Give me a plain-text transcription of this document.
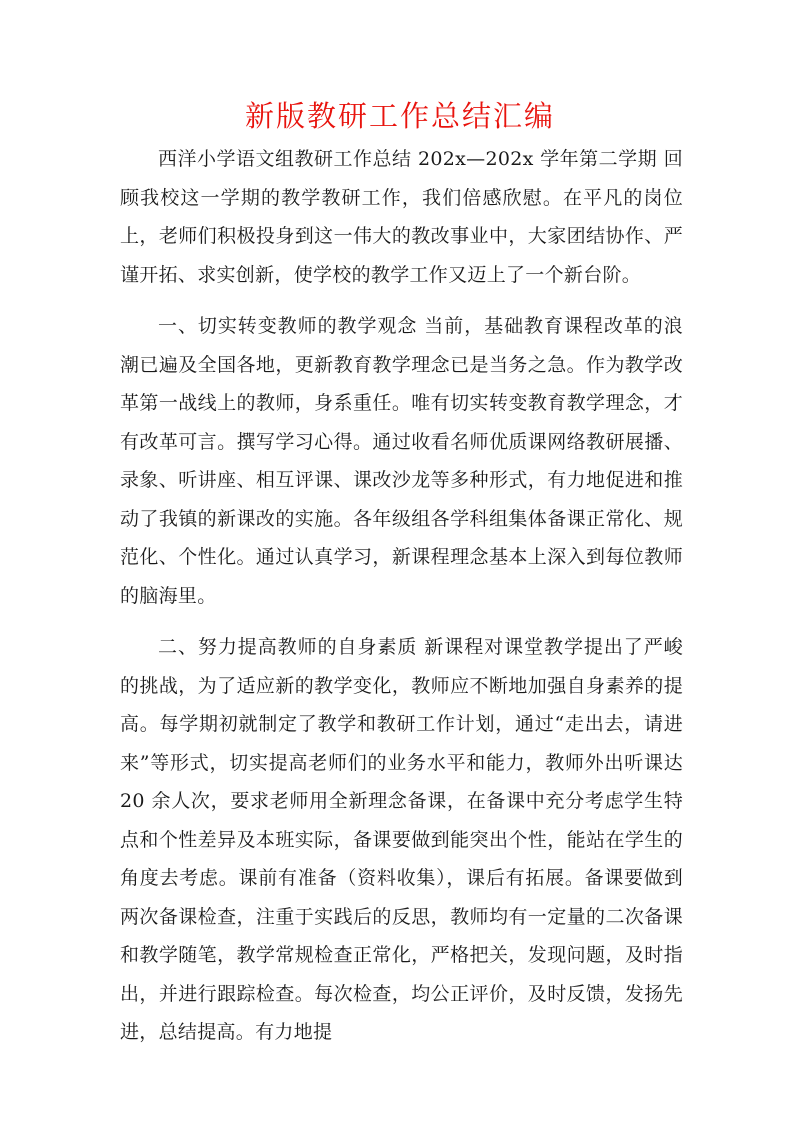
新版教研工作总结汇编

西洋小学语文组教研工作总结 202x—202x 学年第二学期 回顾我校这一学期的教学教研工作，我们倍感欣慰。在平凡的岗位上，老师们积极投身到这一伟大的教改事业中，大家团结协作、严谨开拓、求实创新，使学校的教学工作又迈上了一个新台阶。

一、切实转变教师的教学观念 当前，基础教育课程改革的浪潮已遍及全国各地，更新教育教学理念已是当务之急。作为教学改革第一战线上的教师，身系重任。唯有切实转变教育教学理念，才有改革可言。撰写学习心得。通过收看名师优质课网络教研展播、录象、听讲座、相互评课、课改沙龙等多种形式，有力地促进和推动了我镇的新课改的实施。各年级组各学科组集体备课正常化、规范化、个性化。通过认真学习，新课程理念基本上深入到每位教师的脑海里。

二、努力提高教师的自身素质 新课程对课堂教学提出了严峻的挑战，为了适应新的教学变化，教师应不断地加强自身素养的提高。每学期初就制定了教学和教研工作计划，通过“走出去，请进来”等形式，切实提高老师们的业务水平和能力，教师外出听课达 20 余人次，要求老师用全新理念备课，在备课中充分考虑学生特点和个性差异及本班实际，备课要做到能突出个性，能站在学生的角度去考虑。课前有准备（资料收集），课后有拓展。备课要做到两次备课检查，注重于实践后的反思，教师均有一定量的二次备课和教学随笔，教学常规检查正常化，严格把关，发现问题，及时指出，并进行跟踪检查。每次检查，均公正评价，及时反馈，发扬先进，总结提高。有力地提
